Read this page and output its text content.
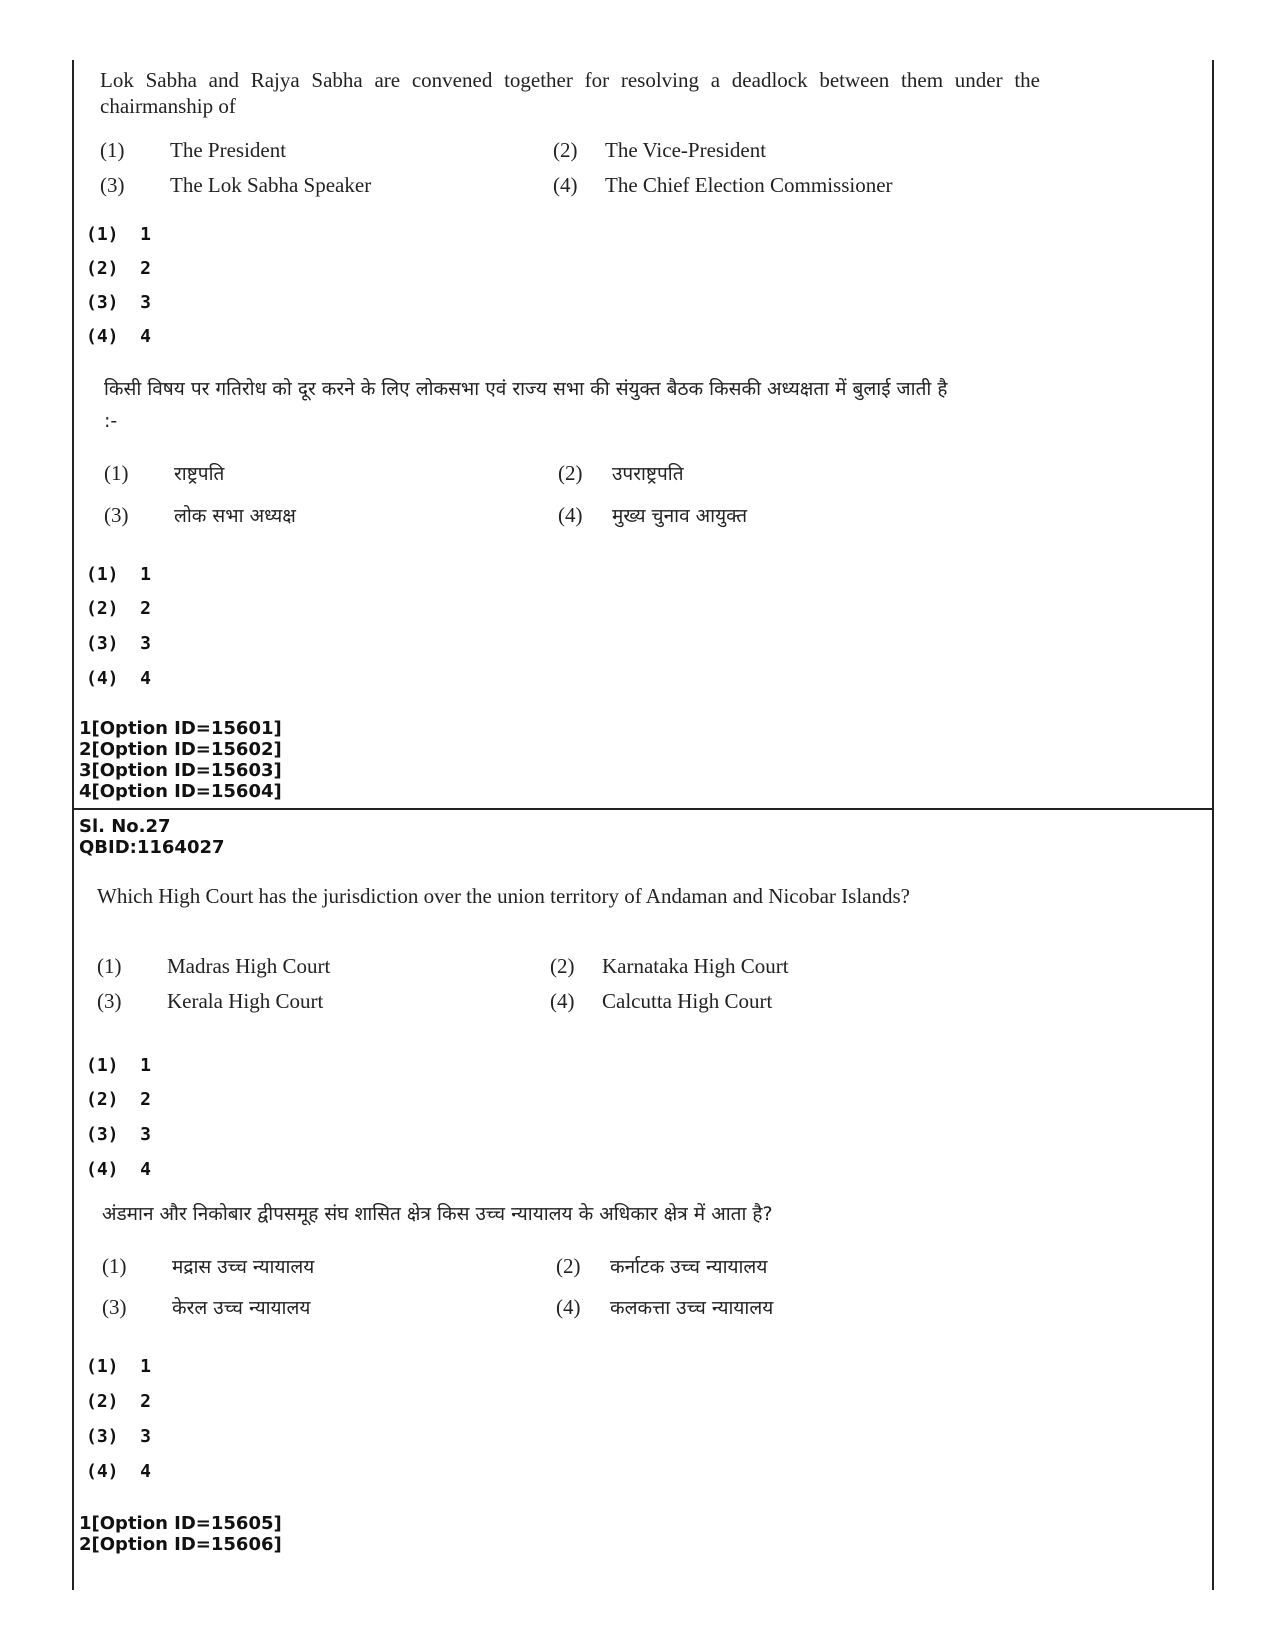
Lok Sabha and Rajya Sabha are convened together for resolving a deadlock between them under the chairmanship of
(1) The President	(2) The Vice-President
(3) The Lok Sabha Speaker	(4) The Chief Election Commissioner
(1)  1
(2)  2
(3)  3
(4)  4
किसी विषय पर गतिरोध को दूर करने के लिए लोकसभा एवं राज्य सभा की संयुक्त बैठक किसकी अध्यक्षता में बुलाई जाती है
:-
(1) राष्ट्रपति	(2) उपराष्ट्रपति
(3) लोक सभा अध्यक्ष	(4) मुख्य चुनाव आयुक्त
(1)  1
(2)  2
(3)  3
(4)  4
1[Option ID=15601]
2[Option ID=15602]
3[Option ID=15603]
4[Option ID=15604]
Sl. No.27
QBID:1164027
Which High Court has the jurisdiction over the union territory of Andaman and Nicobar Islands?
(1) Madras High Court	(2) Karnataka High Court
(3) Kerala High Court	(4) Calcutta High Court
(1)  1
(2)  2
(3)  3
(4)  4
अंडमान और निकोबार द्वीपसमूह संघ शासित क्षेत्र किस उच्च न्यायालय के अधिकार क्षेत्र में आता है?
(1) मद्रास उच्च न्यायालय	(2) कर्नाटक उच्च न्यायालय
(3) केरल उच्च न्यायालय	(4) कलकत्ता उच्च न्यायालय
(1)  1
(2)  2
(3)  3
(4)  4
1[Option ID=15605]
2[Option ID=15606]
